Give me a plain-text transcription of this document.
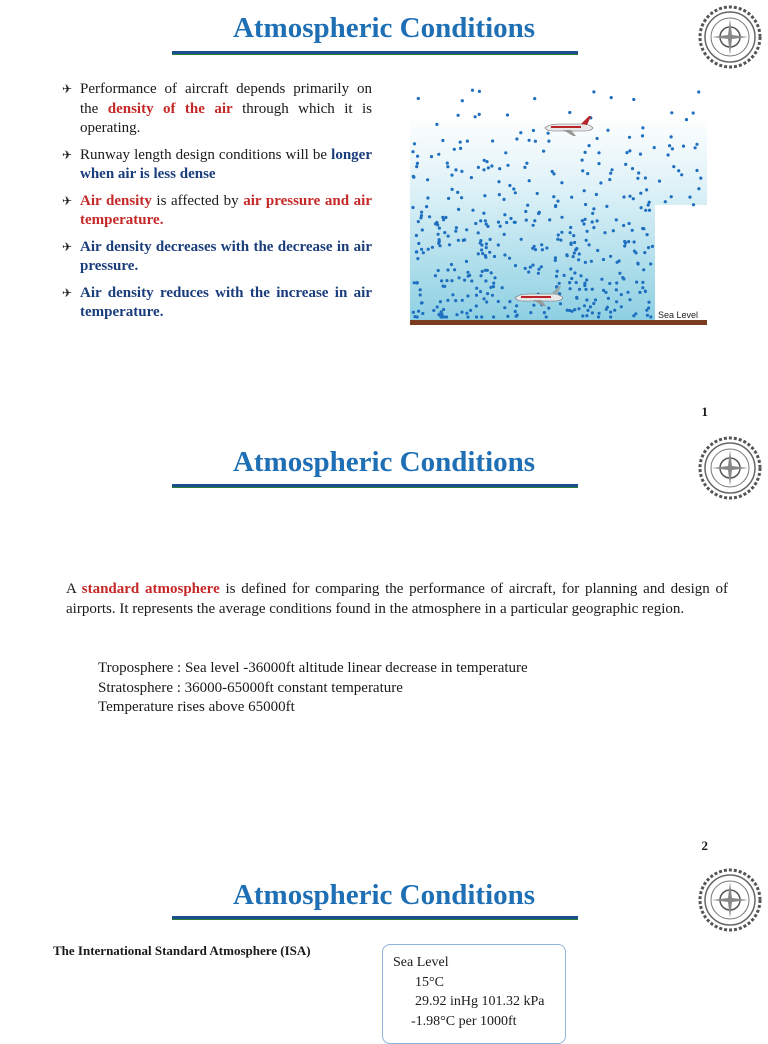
Atmospheric Conditions
✈ Performance of aircraft depends primarily on the density of the air through which it is operating.
✈ Runway length design conditions will be longer when air is less dense
✈ Air density is affected by air pressure and air temperature.
✈ Air density decreases with the decrease in air pressure.
✈ Air density reduces with the increase in air temperature.	Sea Level
1
Atmospheric Conditions
A standard atmosphere is defined for comparing the performance of aircraft, for planning and design of airports. It represents the average conditions found in the atmosphere in a particular geographic region.
Troposphere : Sea level -36000ft altitude linear decrease in temperature
Stratosphere : 36000-65000ft constant temperature
Temperature rises above 65000ft
2
Atmospheric Conditions
The International Standard Atmosphere (ISA)
Sea Level
15°C
29.92 inHg 101.32 kPa
-1.98°C per 1000ft
